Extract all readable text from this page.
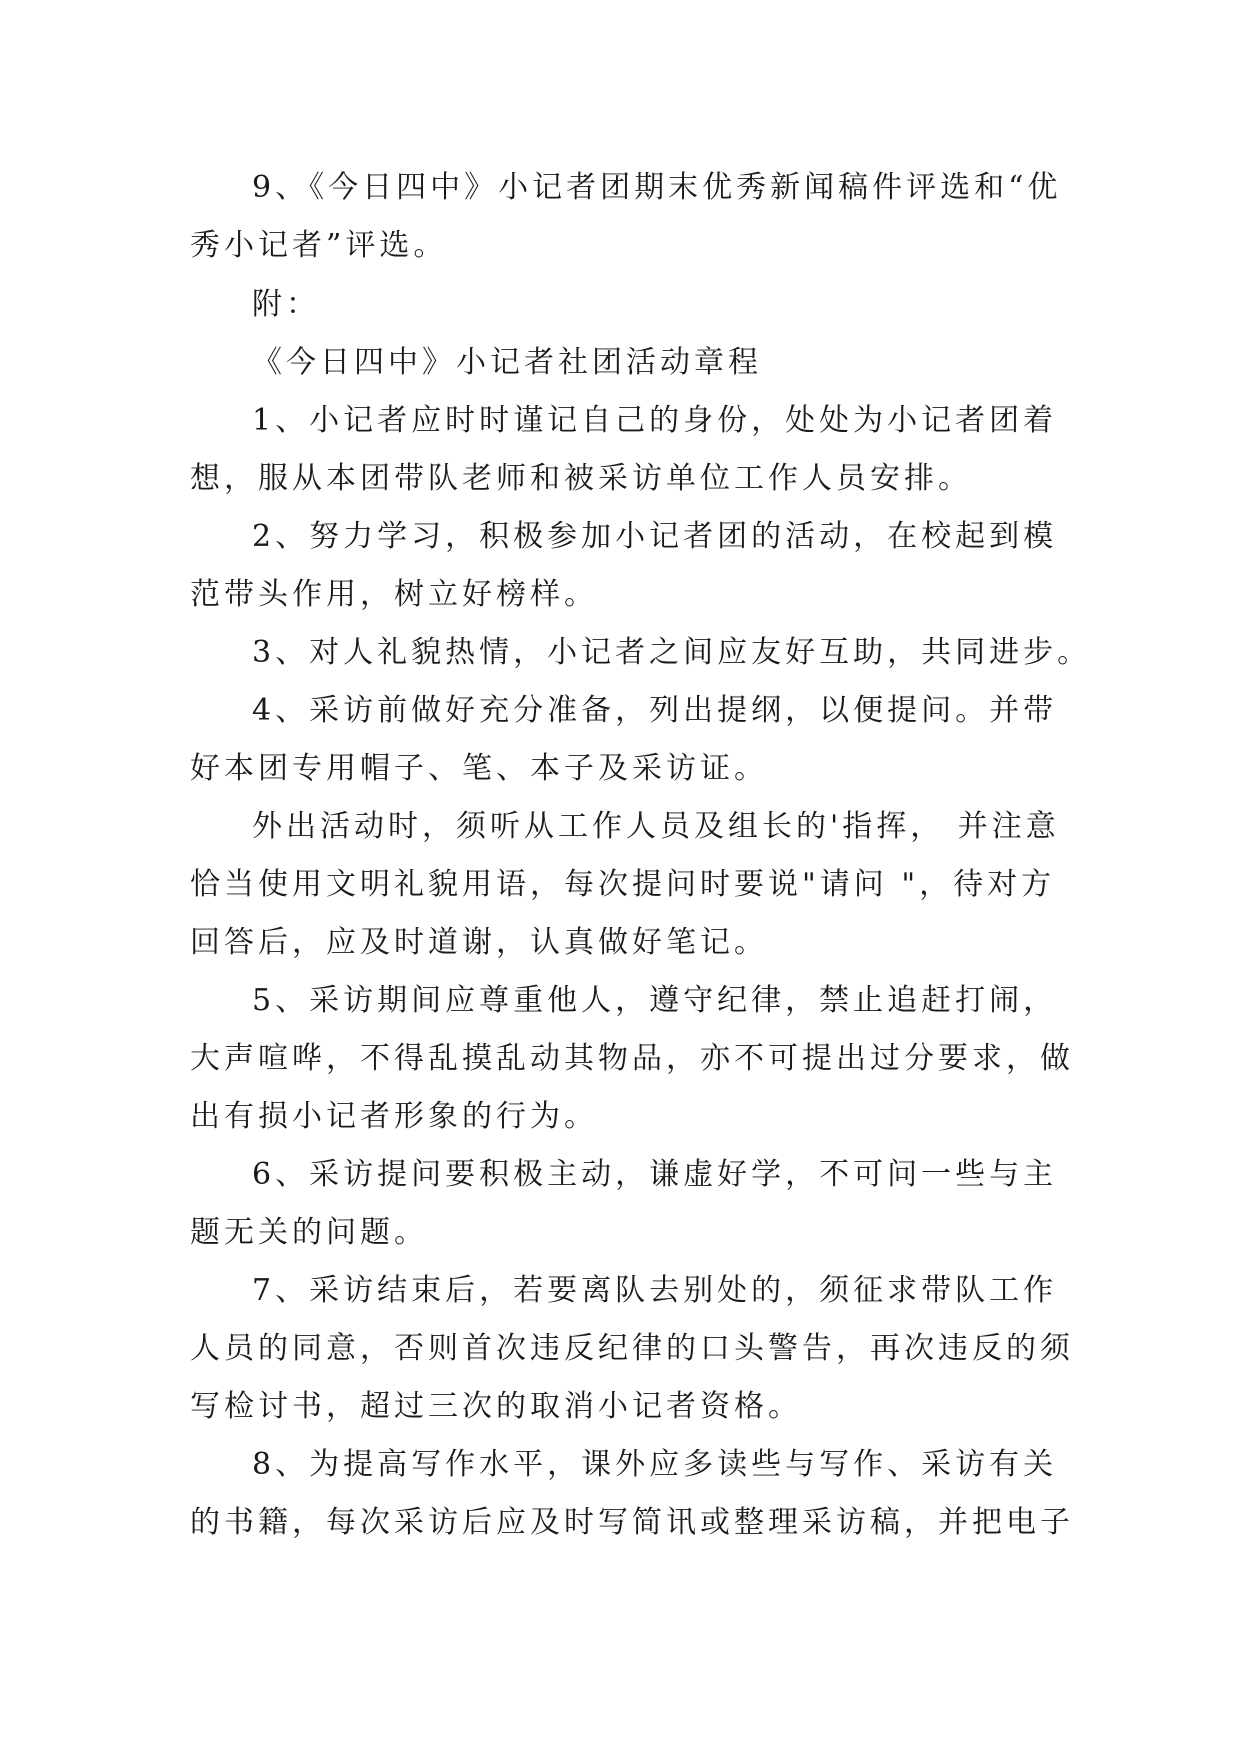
9、《今日四中》小记者团期末优秀新闻稿件评选和“优
秀小记者”评选。
附：
《今日四中》小记者社团活动章程
1、小记者应时时谨记自己的身份，处处为小记者团着
想，服从本团带队老师和被采访单位工作人员安排。
2、努力学习，积极参加小记者团的活动，在校起到模
范带头作用，树立好榜样。
3、对人礼貌热情，小记者之间应友好互助，共同进步。
4、采访前做好充分准备，列出提纲，以便提问。并带
好本团专用帽子、笔、本子及采访证。
外出活动时，须听从工作人员及组长的'指挥， 并注意
恰当使用文明礼貌用语，每次提问时要说"请问 "，待对方
回答后，应及时道谢，认真做好笔记。
5、采访期间应尊重他人，遵守纪律，禁止追赶打闹，
大声喧哗，不得乱摸乱动其物品，亦不可提出过分要求，做
出有损小记者形象的行为。
6、采访提问要积极主动，谦虚好学，不可问一些与主
题无关的问题。
7、采访结束后，若要离队去别处的，须征求带队工作
人员的同意，否则首次违反纪律的口头警告，再次违反的须
写检讨书，超过三次的取消小记者资格。
8、为提高写作水平，课外应多读些与写作、采访有关
的书籍，每次采访后应及时写简讯或整理采访稿，并把电子
